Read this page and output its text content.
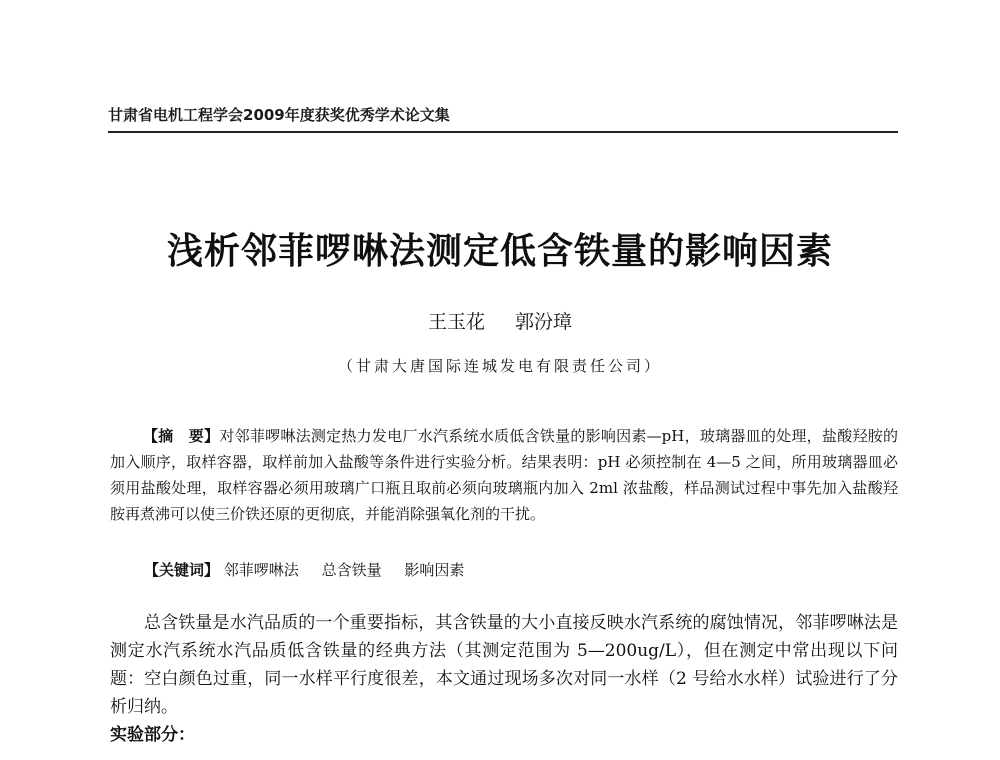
甘肃省电机工程学会2009年度获奖优秀学术论文集
浅析邻菲啰啉法测定低含铁量的影响因素
王玉花 郭汾璋
（甘肃大唐国际连城发电有限责任公司）
【摘　要】对邻菲啰啉法测定热力发电厂水汽系统水质低含铁量的影响因素—pH，玻璃器皿的处理，盐酸羟胺的加入顺序，取样容器，取样前加入盐酸等条件进行实验分析。结果表明：pH 必须控制在 4—5 之间，所用玻璃器皿必须用盐酸处理，取样容器必须用玻璃广口瓶且取前必须向玻璃瓶内加入 2ml 浓盐酸，样品测试过程中事先加入盐酸羟胺再煮沸可以使三价铁还原的更彻底，并能消除强氧化剂的干扰。
【关键词】 邻菲啰啉法 总含铁量 影响因素
总含铁量是水汽品质的一个重要指标，其含铁量的大小直接反映水汽系统的腐蚀情况，邻菲啰啉法是测定水汽系统水汽品质低含铁量的经典方法（其测定范围为 5—200ug/L），但在测定中常出现以下问题：空白颜色过重，同一水样平行度很差，本文通过现场多次对同一水样（2 号给水水样）试验进行了分析归纳。
实验部分：
